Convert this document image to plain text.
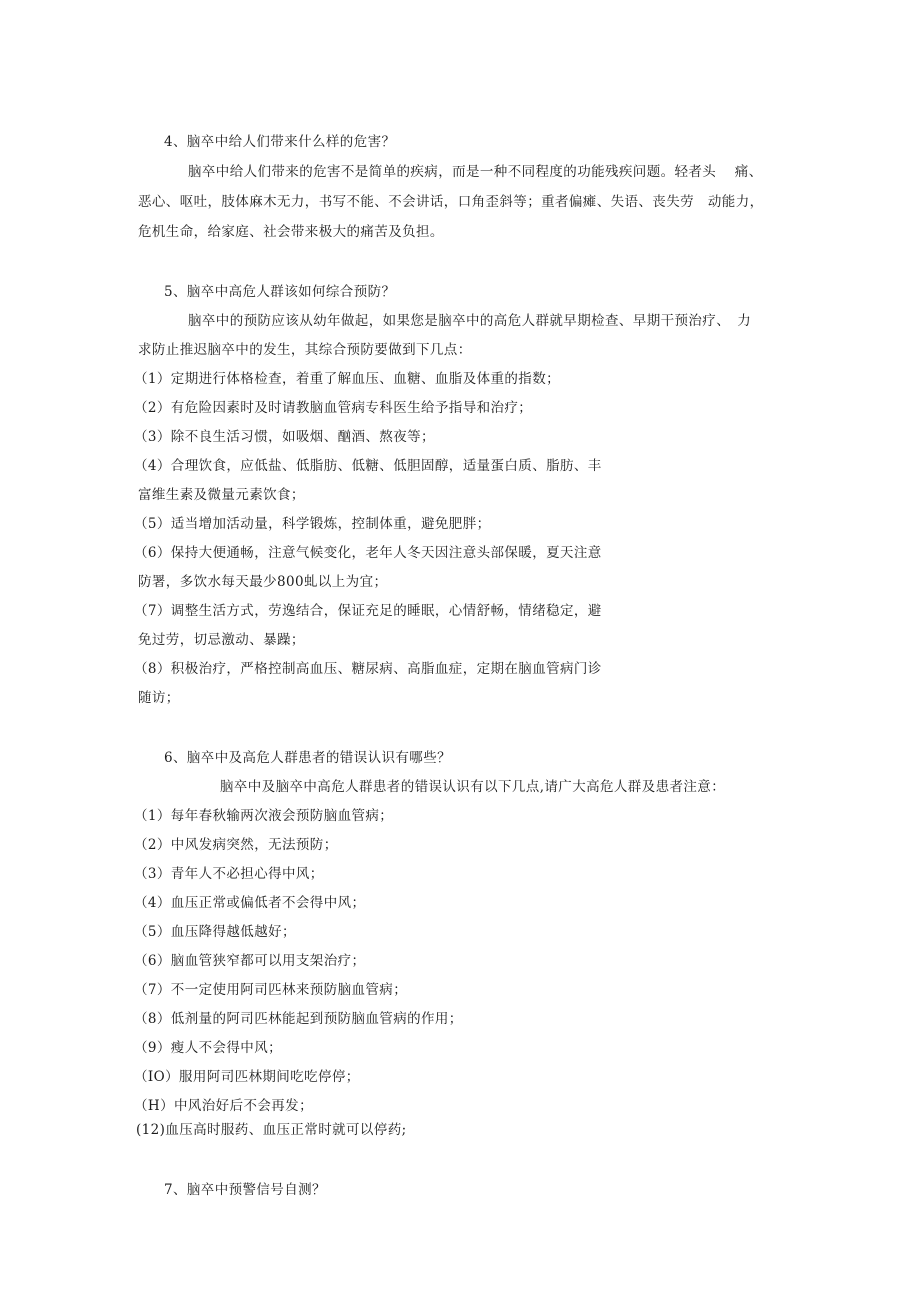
4、脑卒中给人们带来什么样的危害？
脑卒中给人们带来的危害不是简单的疾病，而是一种不同程度的功能残疾问题。轻者头　 痛、
恶心、呕吐，肢体麻木无力，书写不能、不会讲话，口角歪斜等；重者偏瘫、失语、丧失劳　动能力，
危机生命，给家庭、社会带来极大的痛苦及负担。
5、脑卒中高危人群该如何综合预防？
脑卒中的预防应该从幼年做起，如果您是脑卒中的高危人群就早期检查、早期干预治疗、　力
求防止推迟脑卒中的发生，其综合预防要做到下几点：
（1）定期进行体格检查，着重了解血压、血糖、血脂及体重的指数；
（2）有危险因素时及时请教脑血管病专科医生给予指导和治疗；
（3）除不良生活习惯，如吸烟、酗酒、熬夜等；
（4）合理饮食，应低盐、低脂肪、低糖、低胆固醇，适量蛋白质、脂肪、丰
富维生素及微量元素饮食；
（5）适当增加活动量，科学锻炼，控制体重，避免肥胖；
（6）保持大便通畅，注意气候变化，老年人冬天因注意头部保暖，夏天注意
防署，多饮水每天最少800虬以上为宜；
（7）调整生活方式，劳逸结合，保证充足的睡眠，心情舒畅，情绪稳定，避
免过劳，切忌激动、暴躁；
（8）积极治疗，严格控制高血压、糖尿病、高脂血症，定期在脑血管病门诊
随访；
6、脑卒中及高危人群患者的错误认识有哪些？
脑卒中及脑卒中高危人群患者的错误认识有以下几点,请广大高危人群及患者注意：
（1）每年春秋输两次液会预防脑血管病；
（2）中风发病突然，无法预防；
（3）青年人不必担心得中风；
（4）血压正常或偏低者不会得中风；
（5）血压降得越低越好；
（6）脑血管狭窄都可以用支架治疗；
（7）不一定使用阿司匹林来预防脑血管病；
（8）低剂量的阿司匹林能起到预防脑血管病的作用；
（9）瘦人不会得中风；
（IO）服用阿司匹林期间吃吃停停；
（H）中风治好后不会再发；
(12)血压高时服药、血压正常时就可以停药;
7、脑卒中预警信号自测？
